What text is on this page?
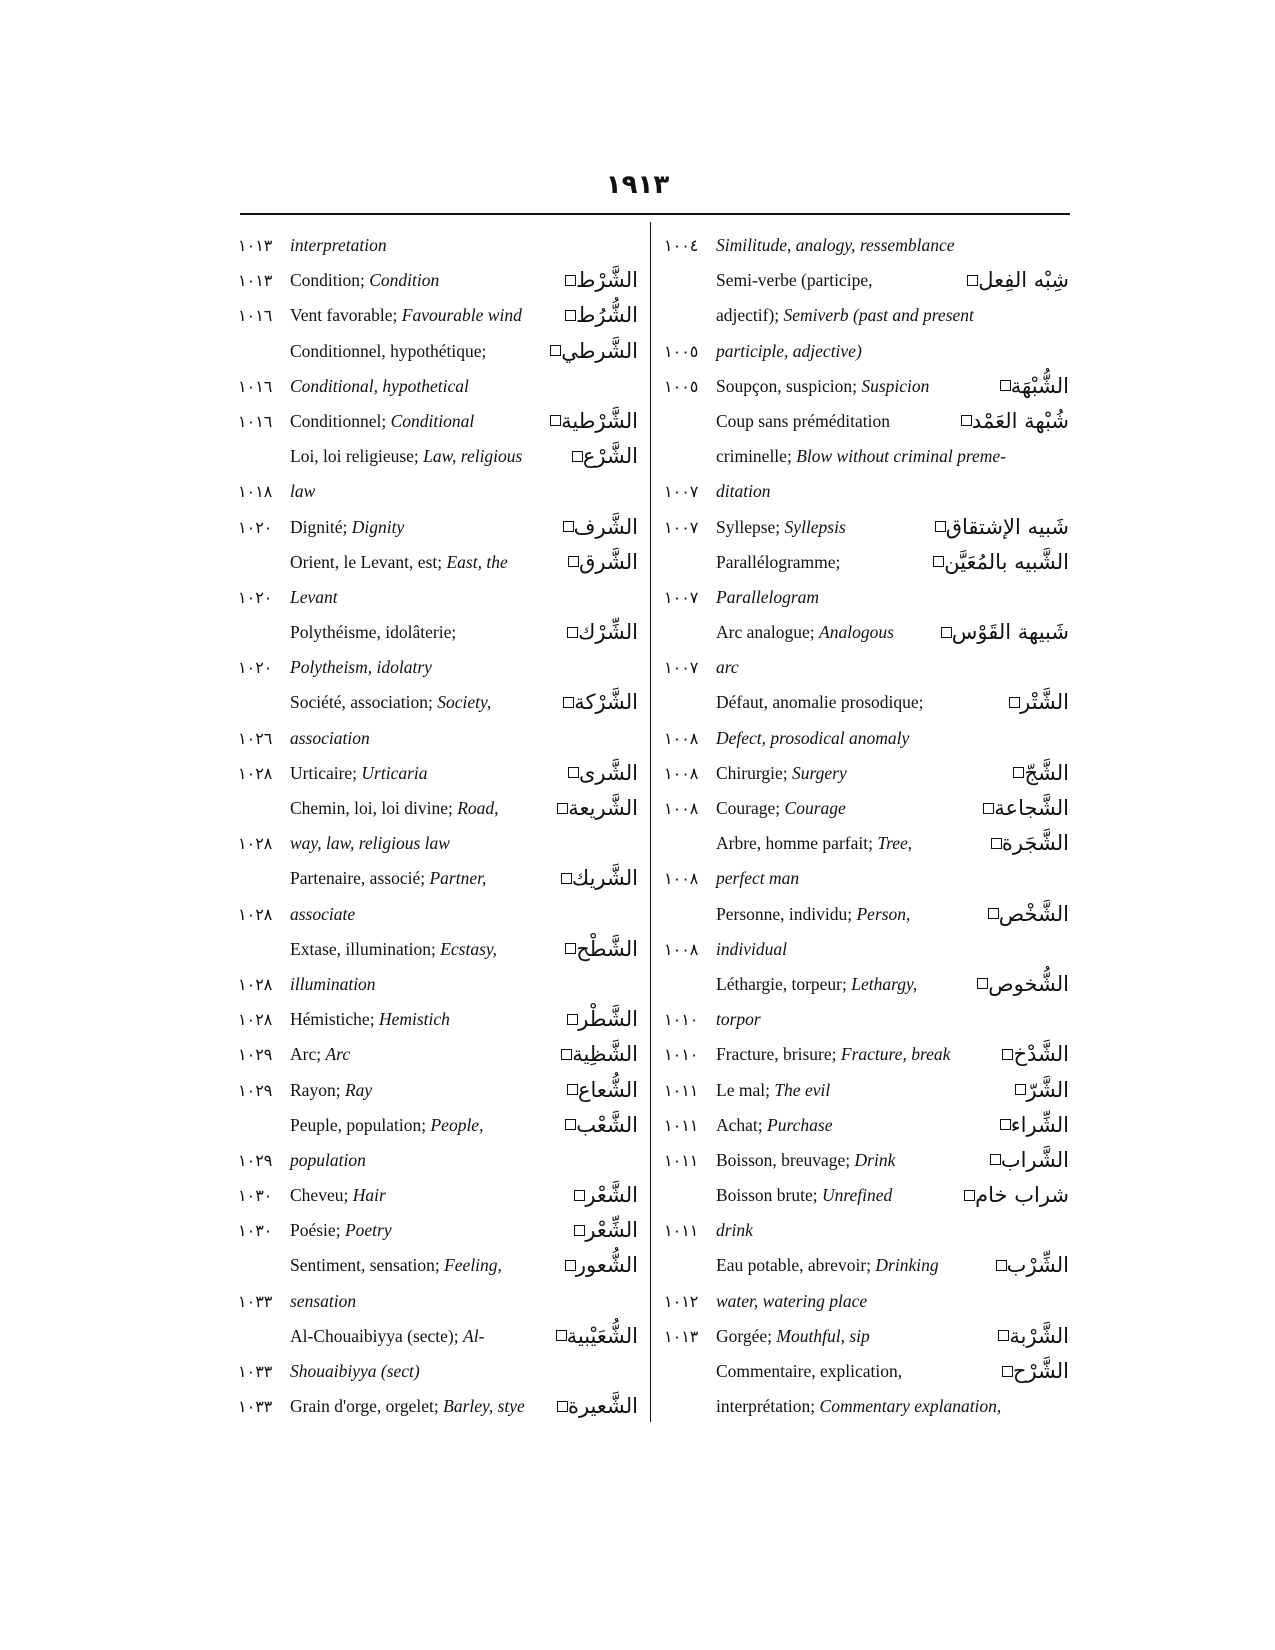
١٩١٣
١٠١٣	interpretation
١٠١٣	Condition; Condition	الشَّرْط
١٠١٦	Vent favorable; Favourable wind	الشُّرُط
Conditionnel, hypothétique;	الشَّرطي
١٠١٦	Conditional, hypothetical
١٠١٦	Conditionnel; Conditional	الشَّرْطية
Loi, loi religieuse; Law, religious	الشَّرْع
١٠١٨	law
١٠٢٠	Dignité; Dignity	الشَّرف
Orient, le Levant, est; East, the	الشَّرق
١٠٢٠	Levant
Polythéisme, idolâterie;	الشِّرْك
١٠٢٠	Polytheism, idolatry
Société, association; Society,	الشَّرْكة
١٠٢٦	association
١٠٢٨	Urticaire; Urticaria	الشَّرى
Chemin, loi, loi divine; Road,	الشَّريعة
١٠٢٨	way, law, religious law
Partenaire, associé; Partner,	الشَّريك
١٠٢٨	associate
Extase, illumination; Ecstasy,	الشَّطْح
١٠٢٨	illumination
١٠٢٨	Hémistiche; Hemistich	الشَّطْر
١٠٢٩	Arc; Arc	الشَّظِية
١٠٢٩	Rayon; Ray	الشُّعاع
Peuple, population; People,	الشَّعْب
١٠٢٩	population
١٠٣٠	Cheveu; Hair	الشَّعْر
١٠٣٠	Poésie; Poetry	الشِّعْر
Sentiment, sensation; Feeling,	الشُّعور
١٠٣٣	sensation
Al-Chouaibiyya (secte); Al-	الشُّعَيْبية
١٠٣٣	Shouaibiyya (sect)
١٠٣٣	Grain d'orge, orgelet; Barley, stye	الشَّعيرة
١٠٠٤	Similitude, analogy, ressemblance
Semi-verbe (participe,	شِبْه الفِعل
adjectif); Semiverb (past and present
١٠٠٥	participle, adjective)
١٠٠٥	Soupçon, suspicion; Suspicion	الشُّبْهَة
Coup sans préméditation	شُبْهة العَمْد
criminelle; Blow without criminal preme-
١٠٠٧	ditation
١٠٠٧	Syllepse; Syllepsis	شَبيه الإشتقاق
Parallélogramme;	الشَّبيه بالمُعَيَّن
١٠٠٧	Parallelogram
Arc analogue; Analogous	شَبيهة القَوْس
١٠٠٧	arc
Défaut, anomalie prosodique;	الشَّتْر
١٠٠٨	Defect, prosodical anomaly
١٠٠٨	Chirurgie; Surgery	الشَّجّ
١٠٠٨	Courage; Courage	الشَّجاعة
Arbre, homme parfait; Tree,	الشَّجَرة
١٠٠٨	perfect man
Personne, individu; Person,	الشَّخْص
١٠٠٨	individual
Léthargie, torpeur; Lethargy,	الشُّخوص
١٠١٠	torpor
١٠١٠	Fracture, brisure; Fracture, break	الشَّدْخ
١٠١١	Le mal; The evil	الشَّرّ
١٠١١	Achat; Purchase	الشِّراء
١٠١١	Boisson, breuvage; Drink	الشَّراب
Boisson brute; Unrefined	شراب خام
١٠١١	drink
Eau potable, abrevoir; Drinking	الشِّرْب
١٠١٢	water, watering place
١٠١٣	Gorgée; Mouthful, sip	الشَّرْبة
Commentaire, explication,	الشَّرْح
interprétation; Commentary explanation,
